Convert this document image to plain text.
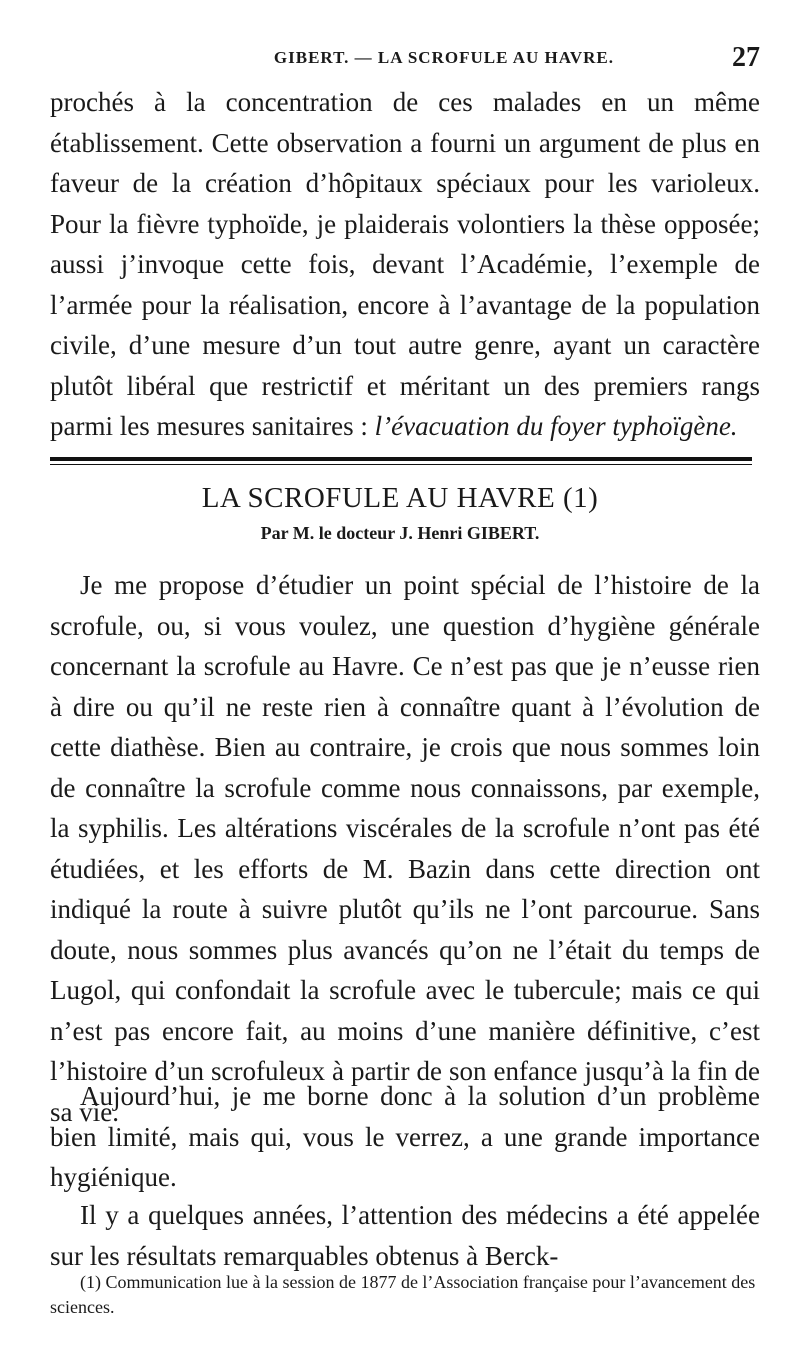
GIBERT. — LA SCROFULE AU HAVRE.	27

prochés à la concentration de ces malades en un même établissement. Cette observation a fourni un argument de plus en faveur de la création d’hôpitaux spéciaux pour les varioleux. Pour la fièvre typhoïde, je plaiderais volontiers la thèse opposée; aussi j’invoque cette fois, devant l’Académie, l’exemple de l’armée pour la réalisation, encore à l’avantage de la population civile, d’une mesure d’un tout autre genre, ayant un caractère plutôt libéral que restrictif et méritant un des premiers rangs parmi les mesures sanitaires : l’évacuation du foyer typhoïgène.

LA SCROFULE AU HAVRE (1)
Par M. le docteur J. Henri GIBERT.

Je me propose d’étudier un point spécial de l’histoire de la scrofule, ou, si vous voulez, une question d’hygiène générale concernant la scrofule au Havre. Ce n’est pas que je n’eusse rien à dire ou qu’il ne reste rien à connaître quant à l’évolution de cette diathèse. Bien au contraire, je crois que nous sommes loin de connaître la scrofule comme nous connaissons, par exemple, la syphilis. Les altérations viscérales de la scrofule n’ont pas été étudiées, et les efforts de M. Bazin dans cette direction ont indiqué la route à suivre plutôt qu’ils ne l’ont parcourue. Sans doute, nous sommes plus avancés qu’on ne l’était du temps de Lugol, qui confondait la scrofule avec le tubercule; mais ce qui n’est pas encore fait, au moins d’une manière définitive, c’est l’histoire d’un scrofuleux à partir de son enfance jusqu’à la fin de sa vie.

Aujourd’hui, je me borne donc à la solution d’un problème bien limité, mais qui, vous le verrez, a une grande importance hygiénique.

Il y a quelques années, l’attention des médecins a été appelée sur les résultats remarquables obtenus à Berck-

(1) Communication lue à la session de 1877 de l’Association française pour l’avancement des sciences.
